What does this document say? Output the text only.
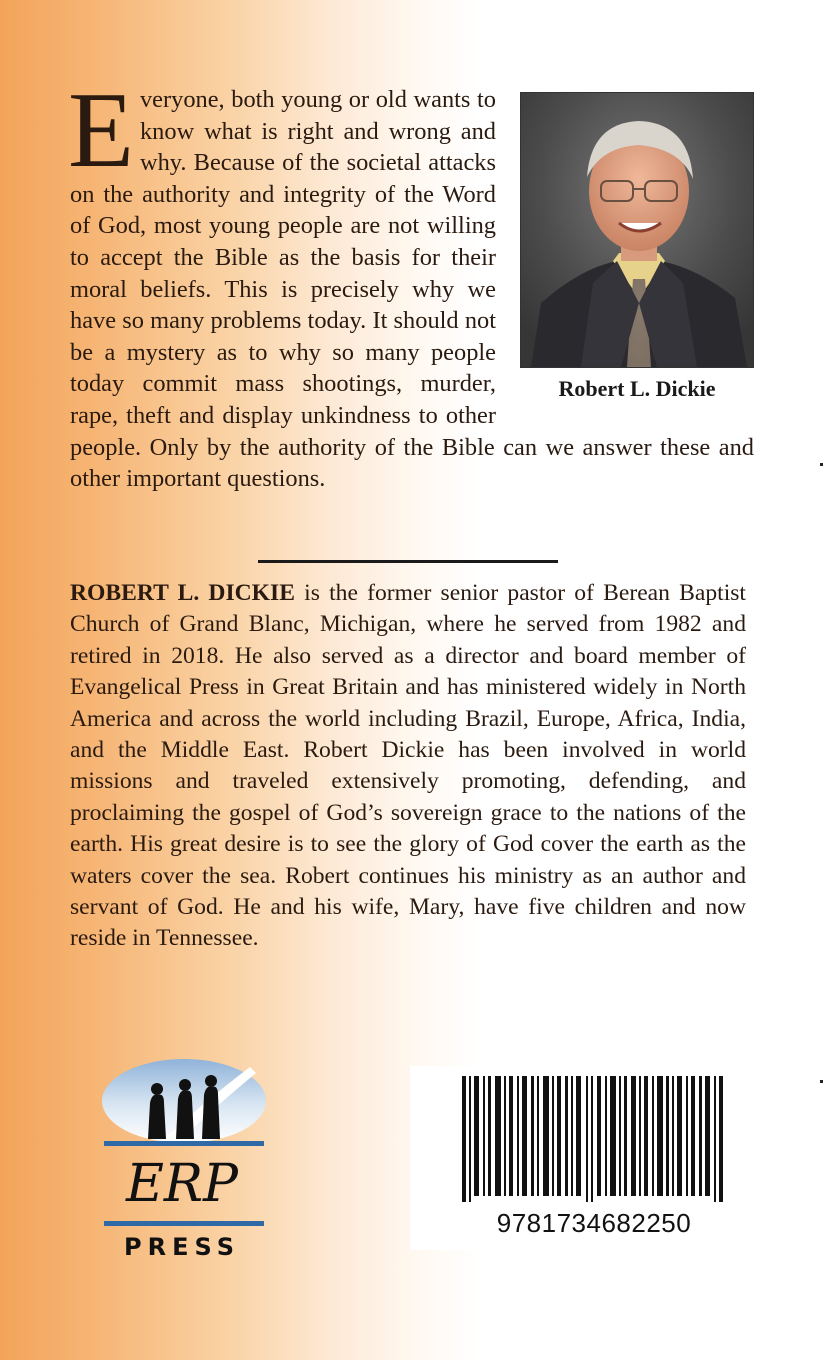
Robert L. Dickie
E veryone, both young or old wants to know what is right and wrong and why. Because of the societal attacks on the authority and integrity of the Word of God, most young people are not willing to accept the Bible as the basis for their moral beliefs. This is precisely why we have so many problems today. It should not be a mystery as to why so many people today commit mass shootings, murder, rape, theft and display unkindness to other people. Only by the authority of the Bible can we answer these and other important questions.
ROBERT L. DICKIE is the former senior pastor of Berean Baptist Church of Grand Blanc, Michigan, where he served from 1982 and retired in 2018. He also served as a director and board member of Evangelical Press in Great Britain and has ministered widely in North America and across the world including Brazil, Europe, Africa, India, and the Middle East. Robert Dickie has been involved in world missions and traveled extensively promoting, defending, and proclaiming the gospel of God’s sovereign grace to the nations of the earth. His great desire is to see the glory of God cover the earth as the waters cover the sea. Robert continues his ministry as an author and servant of God. He and his wife, Mary, have five children and now reside in Tennessee.
ERP
PRESS
9781734682250
